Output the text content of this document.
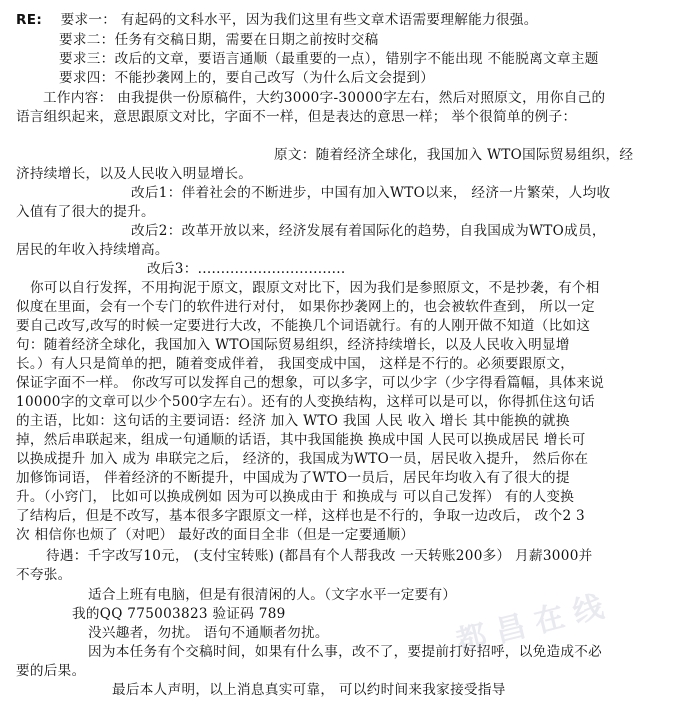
都昌在线
RE: 要求一： 有起码的文科水平，因为我们这里有些文章术语需要理解能力很强。
要求二：任务有交稿日期，需要在日期之前按时交稿
要求三：改后的文章，要语言通顺（最重要的一点），错别字不能出现 不能脱离文章主题
要求四：不能抄袭网上的，要自己改写（为什么后文会提到）
工作内容： 由我提供一份原稿件，大约3000字-30000字左右，然后对照原文，用你自己的
语言组织起来，意思跟原文对比，字面不一样，但是表达的意思一样； 举个很简单的例子：
原文：随着经济全球化，我国加入 WTO国际贸易组织，经
济持续增长，以及人民收入明显增长。
改后1：伴着社会的不断进步，中国有加入WTO以来， 经济一片繁荣，人均收
入值有了很大的提升。
改后2：改革开放以来，经济发展有着国际化的趋势，自我国成为WTO成员，
居民的年收入持续增高。
改后3：................................
你可以自行发挥，不用拘泥于原文，跟原文对比下，因为我们是参照原文，不是抄袭，有个相
似度在里面，会有一个专门的软件进行对付， 如果你抄袭网上的，也会被软件查到， 所以一定
要自己改写,改写的时候一定要进行大改，不能换几个词语就行。有的人刚开做不知道（比如这
句：随着经济全球化，我国加入 WTO国际贸易组织，经济持续增长，以及人民收入明显增
长。）有人只是简单的把，随着变成伴着， 我国变成中国， 这样是不行的。必须要跟原文，
保证字面不一样。 你改写可以发挥自己的想象，可以多字，可以少字（少字得看篇幅，具体来说
10000字的文章可以少个500字左右）。还有的人变换结构，这样可以是可以，你得抓住这句话
的主语，比如：这句话的主要词语：经济 加入 WTO 我国 人民 收入 增长 其中能换的就换
掉，然后串联起来，组成一句通顺的话语，其中我国能换 换成中国 人民可以换成居民 增长可
以换成提升 加入 成为 串联完之后， 经济的，我国成为WTO一员，居民收入提升， 然后你在
加修饰词语， 伴着经济的不断提升，中国成为了WTO一员后，居民年均收入有了很大的提
升。（小窍门， 比如可以换成例如 因为可以换成由于 和换成与 可以自己发挥） 有的人变换
了结构后，但是不改写，基本很多字跟原文一样，这样也是不行的，争取一边改后， 改个2 3
次 相信你也烦了（对吧） 最好改的面目全非（但是一定要通顺）
待遇：千字改写10元， (支付宝转账) (都昌有个人帮我改 一天转账200多） 月薪3000并
不夸张。
适合上班有电脑，但是有很清闲的人。（文字水平一定要有）
我的QQ 775003823 验证码 789
没兴趣者，勿扰。 语句不通顺者勿扰。
因为本任务有个交稿时间，如果有什么事，改不了，要提前打好招呼，以免造成不必
要的后果。
最后本人声明，以上消息真实可靠， 可以约时间来我家接受指导
